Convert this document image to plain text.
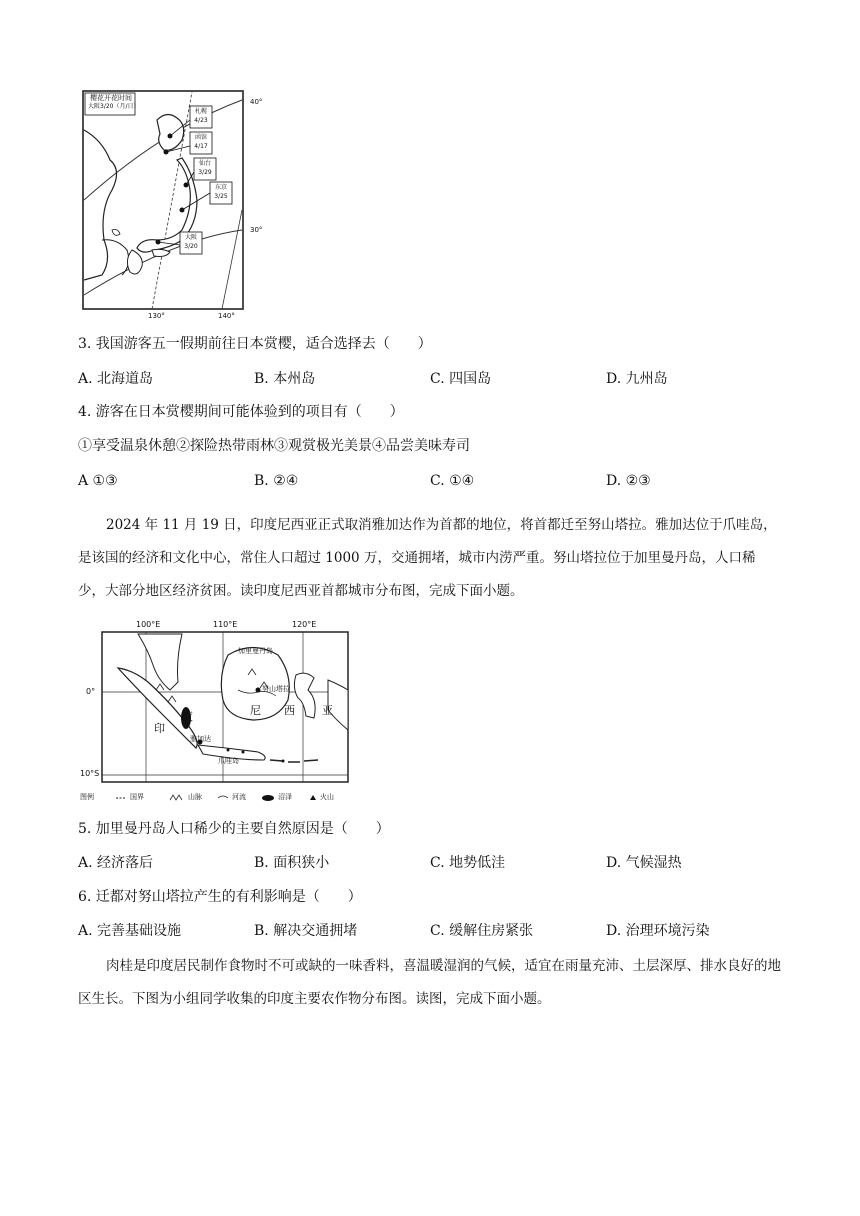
樱花开花时间
大阪3/20（月/日）
40°
30°
130°	140°
札幌
4/23
函馆
4/17
仙台
3/29
东京
3/25
大阪
3/20
3. 我国游客五一假期前往日本赏樱，适合选择去（　　）
A. 北海道岛	B. 本州岛	C. 四国岛	D. 九州岛
4. 游客在日本赏樱期间可能体验到的项目有（　　）
①享受温泉休憩②探险热带雨林③观赏极光美景④品尝美味寿司
A ①③	B. ②④	C. ①④	D. ②③
2024 年 11 月 19 日，印度尼西亚正式取消雅加达作为首都的地位，将首都迁至努山塔拉。雅加达位于爪哇岛，是该国的经济和文化中心，常住人口超过 1000 万，交通拥堵，城市内涝严重。努山塔拉位于加里曼丹岛，人口稀少，大部分地区经济贫困。读印度尼西亚首都城市分布图，完成下面小题。
100°E	110°E	120°E
0°
10°S
加里曼丹岛
努山塔拉
雅加达
爪哇岛
印
度	尼 西 亚
图例	国界	山脉	河流	沼泽	火山
5. 加里曼丹岛人口稀少的主要自然原因是（　　）
A. 经济落后	B. 面积狭小	C. 地势低洼	D. 气候湿热
6. 迁都对努山塔拉产生的有利影响是（　　）
A. 完善基础设施	B. 解决交通拥堵	C. 缓解住房紧张	D. 治理环境污染
肉桂是印度居民制作食物时不可或缺的一味香料，喜温暖湿润的气候，适宜在雨量充沛、土层深厚、排水良好的地区生长。下图为小组同学收集的印度主要农作物分布图。读图，完成下面小题。
